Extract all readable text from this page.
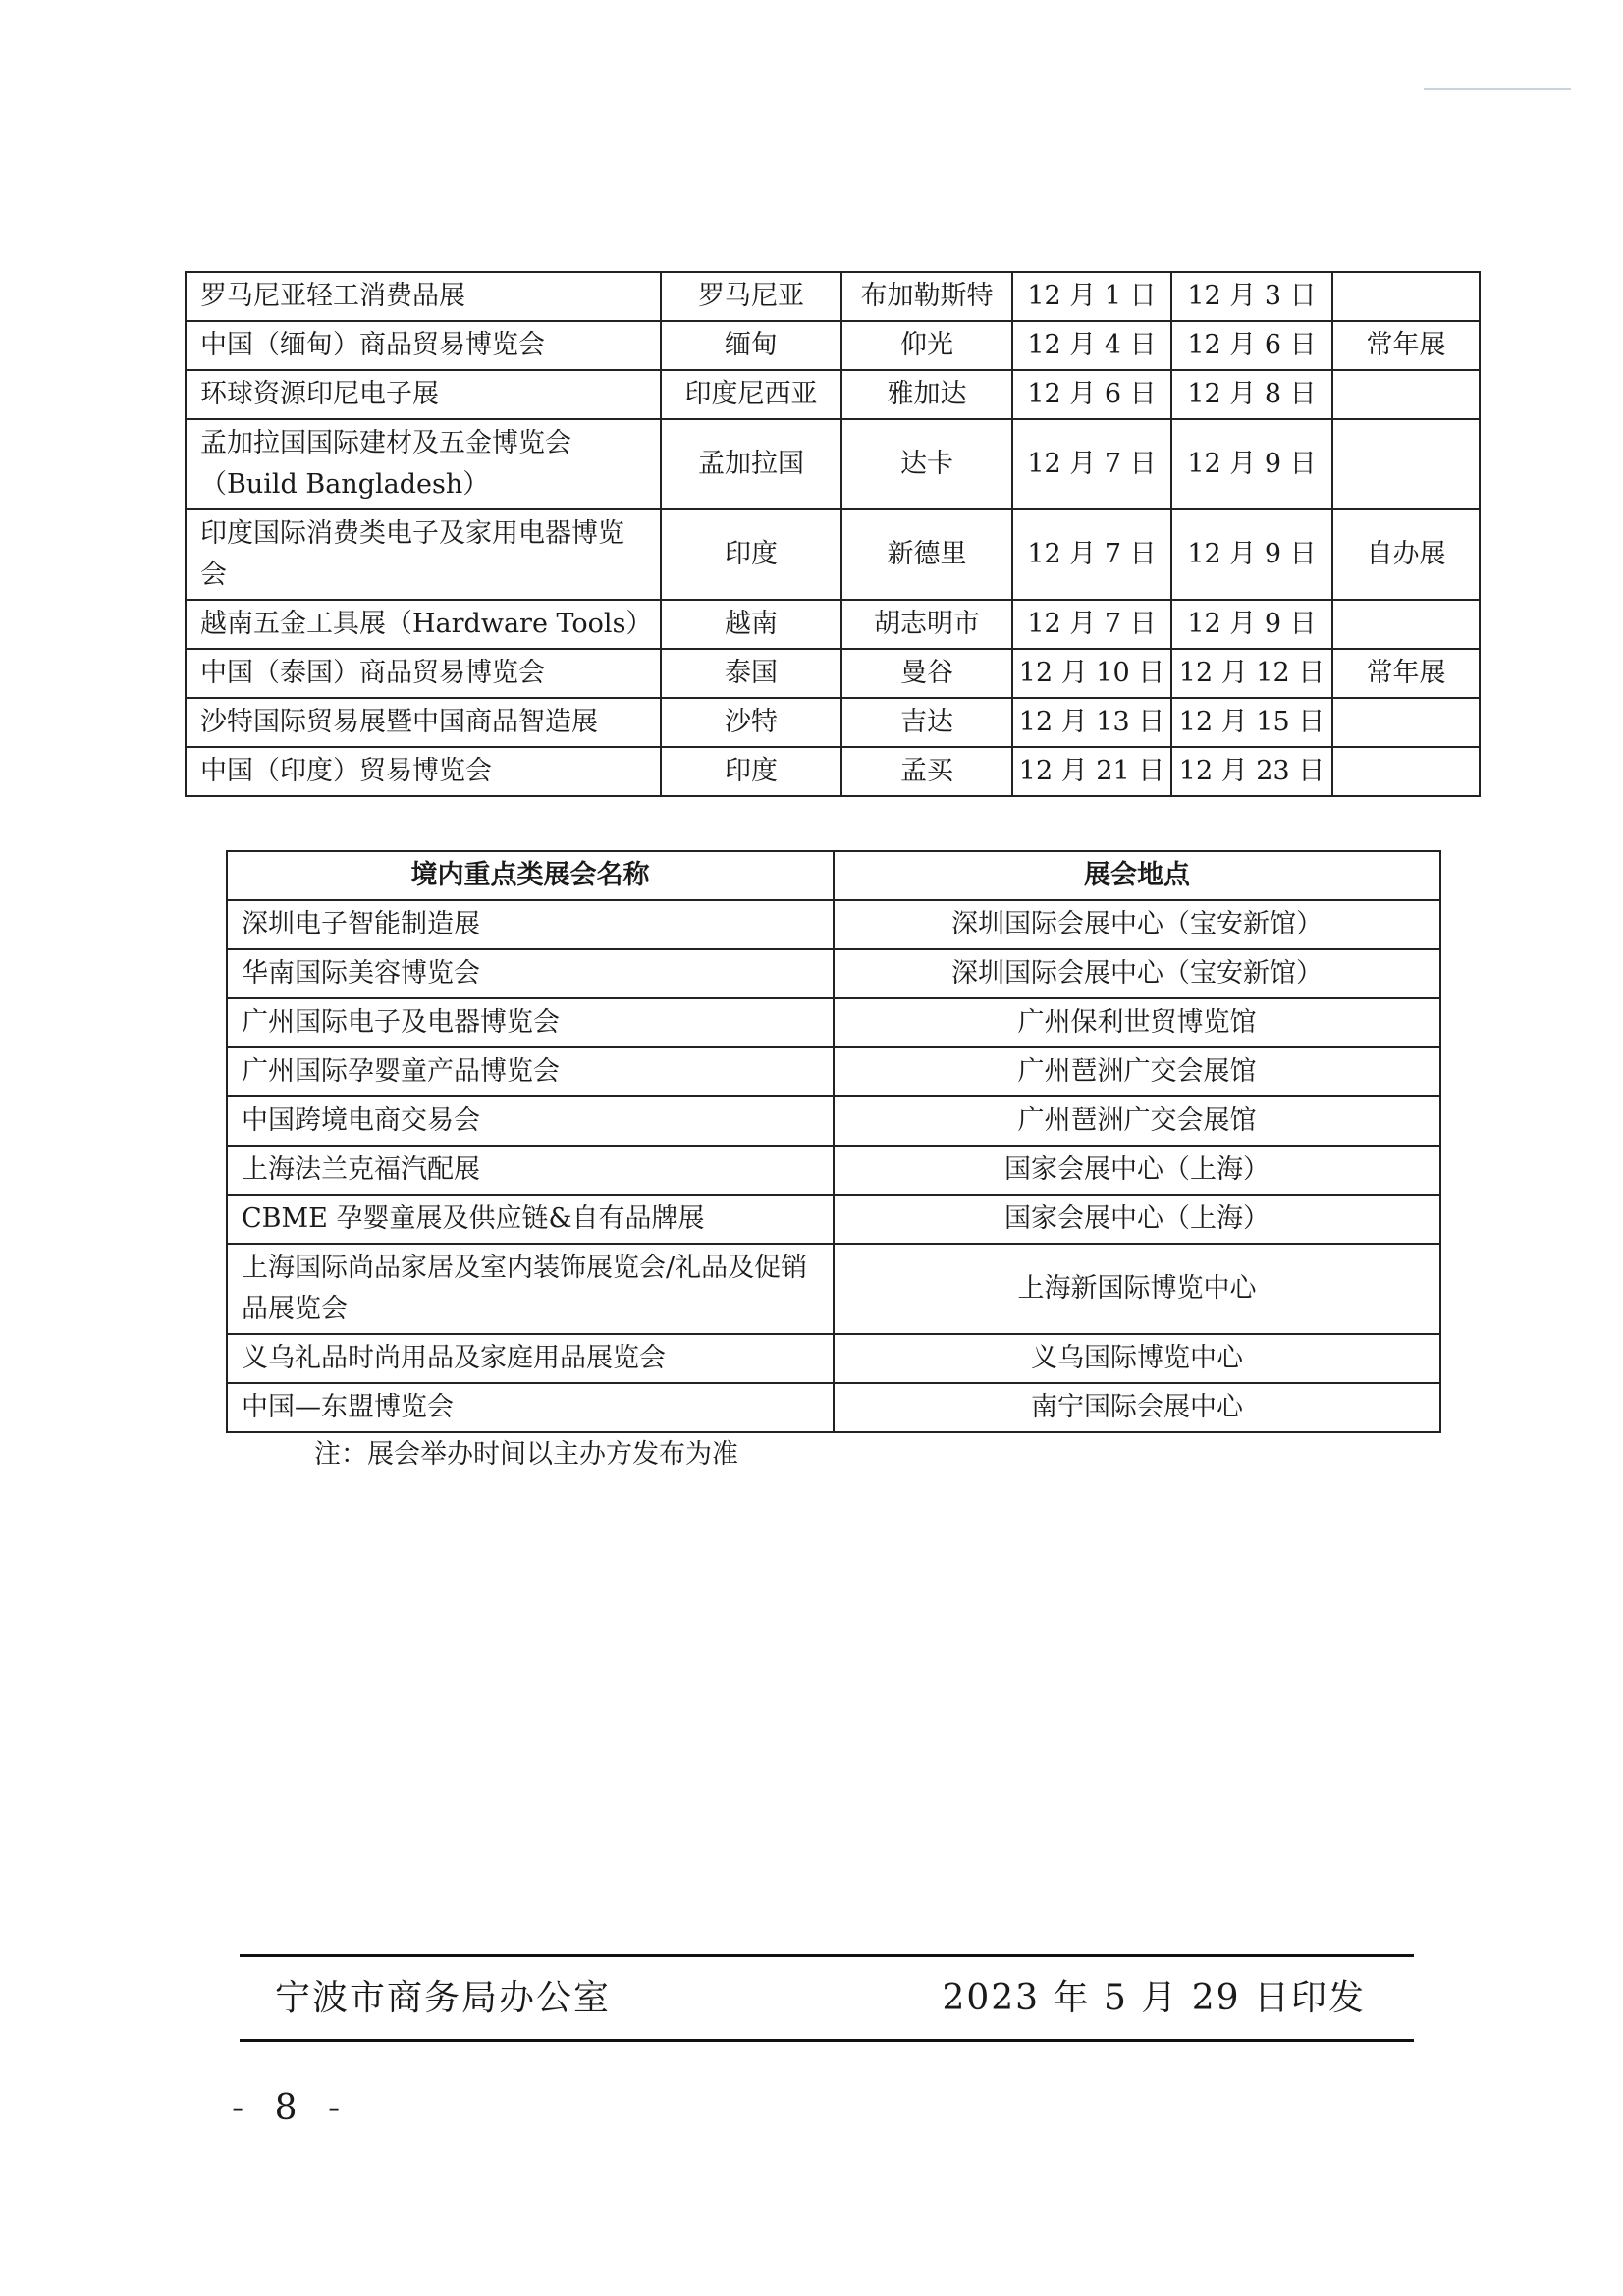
罗马尼亚轻工消费品展	罗马尼亚	布加勒斯特	12 月 1 日	12 月 3 日	
中国（缅甸）商品贸易博览会	缅甸	仰光	12 月 4 日	12 月 6 日	常年展
环球资源印尼电子展	印度尼西亚	雅加达	12 月 6 日	12 月 8 日	
孟加拉国国际建材及五金博览会（Build Bangladesh）	孟加拉国	达卡	12 月 7 日	12 月 9 日	
印度国际消费类电子及家用电器博览会	印度	新德里	12 月 7 日	12 月 9 日	自办展
越南五金工具展（Hardware Tools）	越南	胡志明市	12 月 7 日	12 月 9 日	
中国（泰国）商品贸易博览会	泰国	曼谷	12 月 10 日	12 月 12 日	常年展
沙特国际贸易展暨中国商品智造展	沙特	吉达	12 月 13 日	12 月 15 日	
中国（印度）贸易博览会	印度	孟买	12 月 21 日	12 月 23 日	
境内重点类展会名称	展会地点
深圳电子智能制造展	深圳国际会展中心（宝安新馆）
华南国际美容博览会	深圳国际会展中心（宝安新馆）
广州国际电子及电器博览会	广州保利世贸博览馆
广州国际孕婴童产品博览会	广州琶洲广交会展馆
中国跨境电商交易会	广州琶洲广交会展馆
上海法兰克福汽配展	国家会展中心（上海）
CBME 孕婴童展及供应链&自有品牌展	国家会展中心（上海）
上海国际尚品家居及室内装饰展览会/礼品及促销品展览会	上海新国际博览中心
义乌礼品时尚用品及家庭用品展览会	义乌国际博览中心
中国—东盟博览会	南宁国际会展中心
注：展会举办时间以主办方发布为准
宁波市商务局办公室	2023 年 5 月 29 日印发
- 8 -
